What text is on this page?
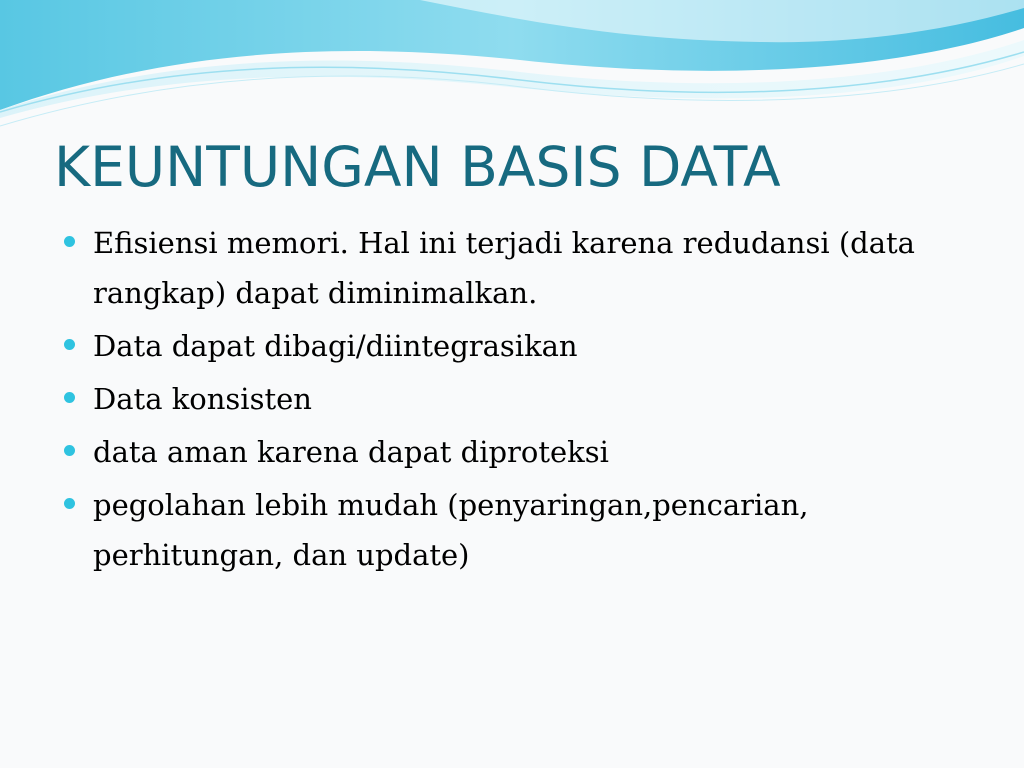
KEUNTUNGAN BASIS DATA
Efisiensi memori. Hal ini terjadi karena redudansi (data rangkap) dapat diminimalkan.
Data dapat dibagi/diintegrasikan
Data konsisten
data aman karena dapat diproteksi
pegolahan lebih mudah (penyaringan,pencarian, perhitungan, dan update)
